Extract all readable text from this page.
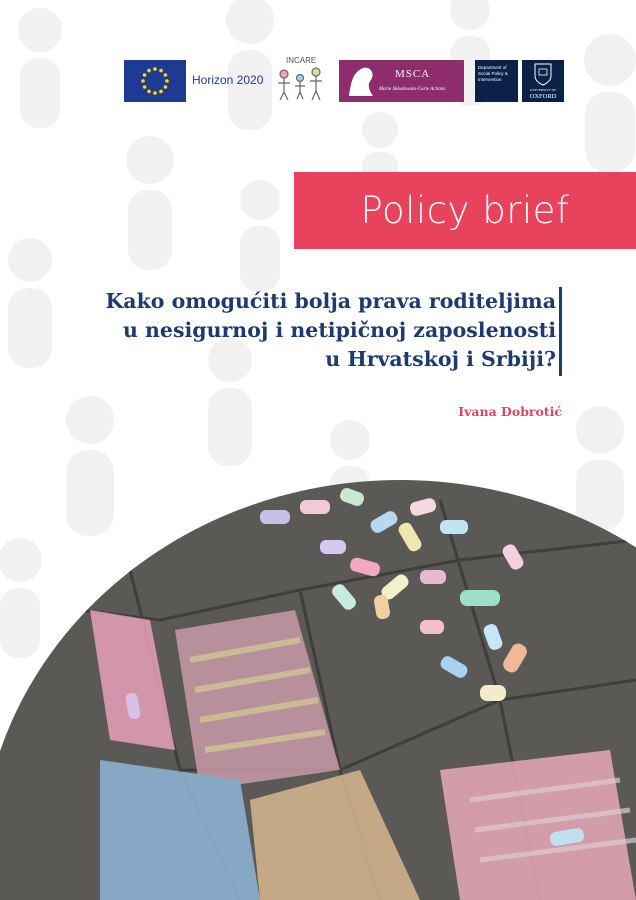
Horizon 2020
INCARE
MSCA
Marie Skłodowska-Curie Actions
Department of Social Policy & Intervention
UNIVERSITY OF
OXFORD
Policy brief
Kako omogućiti bolja prava roditeljima
u nesigurnoj i netipičnoj zaposlenosti
u Hrvatskoj i Srbiji?
Ivana Dobrotić
